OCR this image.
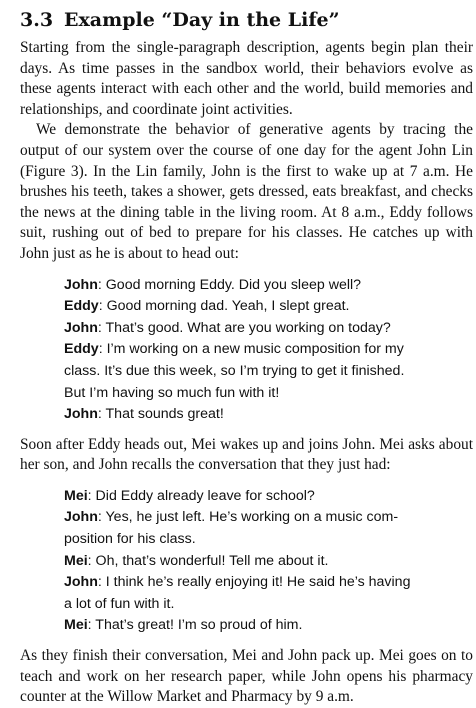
3.3 Example “Day in the Life”

Starting from the single-paragraph description, agents begin plan their days. As time passes in the sandbox world, their behaviors evolve as these agents interact with each other and the world, build memories and relationships, and coordinate joint activities.

We demonstrate the behavior of generative agents by tracing the output of our system over the course of one day for the agent John Lin (Figure 3). In the Lin family, John is the first to wake up at 7 a.m. He brushes his teeth, takes a shower, gets dressed, eats breakfast, and checks the news at the dining table in the living room. At 8 a.m., Eddy follows suit, rushing out of bed to prepare for his classes. He catches up with John just as he is about to head out:

John: Good morning Eddy. Did you sleep well?
Eddy: Good morning dad. Yeah, I slept great.
John: That’s good. What are you working on today?
Eddy: I’m working on a new music composition for my
class. It’s due this week, so I’m trying to get it finished.
But I’m having so much fun with it!
John: That sounds great!

Soon after Eddy heads out, Mei wakes up and joins John. Mei asks about her son, and John recalls the conversation that they just had:

Mei: Did Eddy already leave for school?
John: Yes, he just left. He’s working on a music com-
position for his class.
Mei: Oh, that’s wonderful! Tell me about it.
John: I think he’s really enjoying it! He said he’s having
a lot of fun with it.
Mei: That’s great! I’m so proud of him.

As they finish their conversation, Mei and John pack up. Mei goes on to teach and work on her research paper, while John opens his pharmacy counter at the Willow Market and Pharmacy by 9 a.m.
